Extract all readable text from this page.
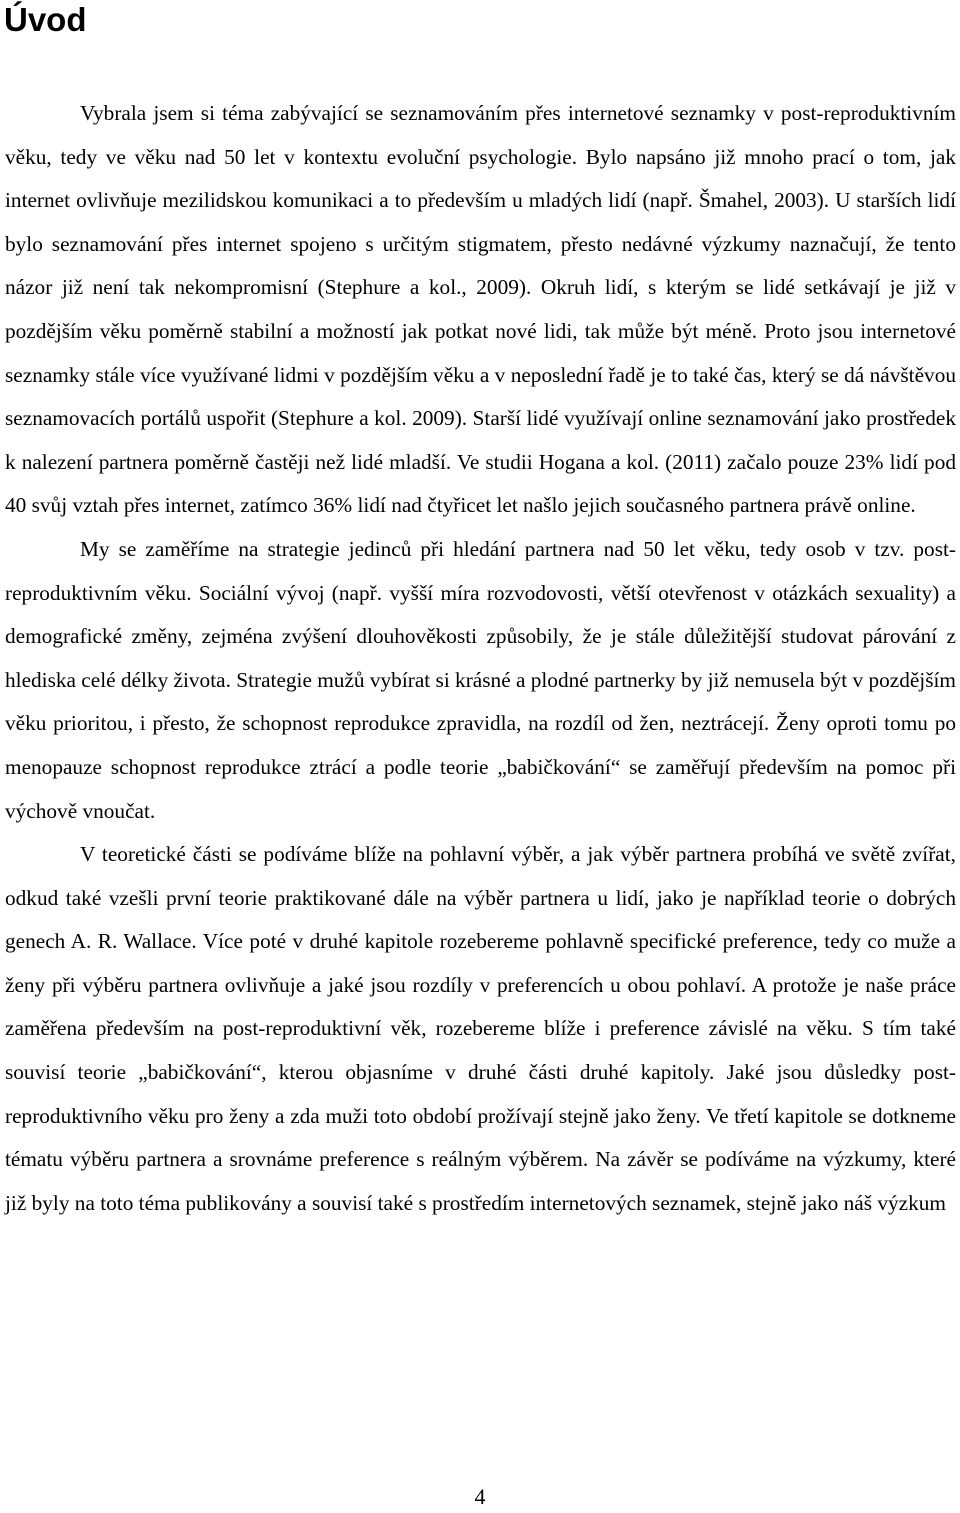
Úvod

Vybrala jsem si téma zabývající se seznamováním přes internetové seznamky v post-reproduktivním věku, tedy ve věku nad 50 let v kontextu evoluční psychologie. Bylo napsáno již mnoho prací o tom, jak internet ovlivňuje mezilidskou komunikaci a to především u mladých lidí (např. Šmahel, 2003). U starších lidí bylo seznamování přes internet spojeno s určitým stigmatem, přesto nedávné výzkumy naznačují, že tento názor již není tak nekompromisní (Stephure a kol., 2009). Okruh lidí, s kterým se lidé setkávají je již v pozdějším věku poměrně stabilní a možností jak potkat nové lidi, tak může být méně. Proto jsou internetové seznamky stále více využívané lidmi v pozdějším věku a v neposlední řadě je to také čas, který se dá návštěvou seznamovacích portálů uspořit (Stephure a kol. 2009). Starší lidé využívají online seznamování jako prostředek k nalezení partnera poměrně častěji než lidé mladší. Ve studii Hogana a kol. (2011) začalo pouze 23% lidí pod 40 svůj vztah přes internet, zatímco 36% lidí nad čtyřicet let našlo jejich současného partnera právě online.

My se zaměříme na strategie jedinců při hledání partnera nad 50 let věku, tedy osob v tzv. post-reproduktivním věku. Sociální vývoj (např. vyšší míra rozvodovosti, větší otevřenost v otázkách sexuality) a demografické změny, zejména zvýšení dlouhověkosti způsobily, že je stále důležitější studovat párování z hlediska celé délky života. Strategie mužů vybírat si krásné a plodné partnerky by již nemusela být v pozdějším věku prioritou, i přesto, že schopnost reprodukce zpravidla, na rozdíl od žen, neztrácejí. Ženy oproti tomu po menopauze schopnost reprodukce ztrácí a podle teorie „babičkování“ se zaměřují především na pomoc při výchově vnoučat.

V teoretické části se podíváme blíže na pohlavní výběr, a jak výběr partnera probíhá ve světě zvířat, odkud také vzešli první teorie praktikované dále na výběr partnera u lidí, jako je například teorie o dobrých genech A. R. Wallace. Více poté v druhé kapitole rozebereme pohlavně specifické preference, tedy co muže a ženy při výběru partnera ovlivňuje a jaké jsou rozdíly v preferencích u obou pohlaví. A protože je naše práce zaměřena především na post-reproduktivní věk, rozebereme blíže i preference závislé na věku. S tím také souvisí teorie „babičkování“, kterou objasníme v druhé části druhé kapitoly. Jaké jsou důsledky post-reproduktivního věku pro ženy a zda muži toto období prožívají stejně jako ženy. Ve třetí kapitole se dotkneme tématu výběru partnera a srovnáme preference s reálným výběrem. Na závěr se podíváme na výzkumy, které již byly na toto téma publikovány a souvisí také s prostředím internetových seznamek, stejně jako náš výzkum

4
